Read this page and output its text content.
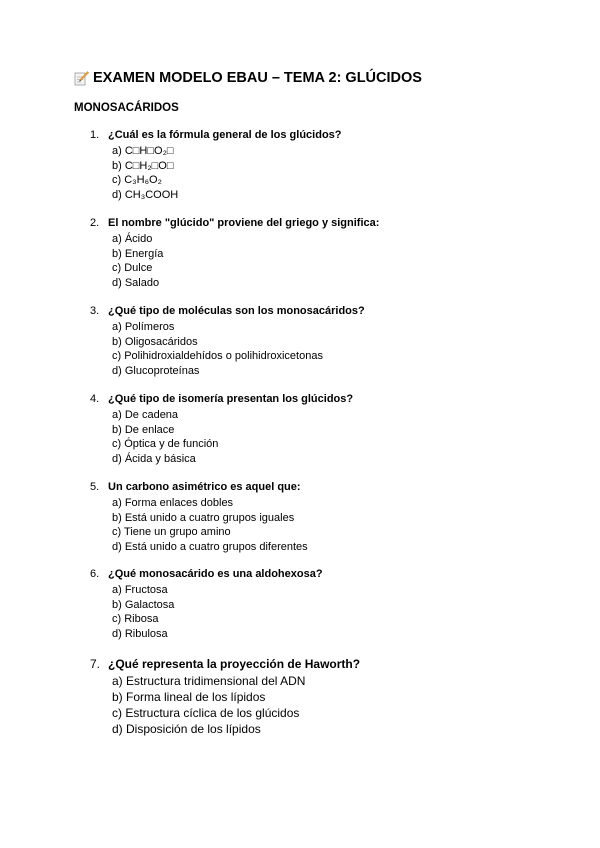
EXAMEN MODELO EBAU – TEMA 2: GLÚCIDOS
MONOSACÁRIDOS
1. ¿Cuál es la fórmula general de los glúcidos?
a) C□H□O₂□
b) C□H₂□O□
c) C₃H₆O₂
d) CH₃COOH
2. El nombre "glúcido" proviene del griego y significa:
a) Ácido
b) Energía
c) Dulce
d) Salado
3. ¿Qué tipo de moléculas son los monosacáridos?
a) Polímeros
b) Oligosacáridos
c) Polihidroxialdehídos o polihidroxicetonas
d) Glucoproteínas
4. ¿Qué tipo de isomería presentan los glúcidos?
a) De cadena
b) De enlace
c) Óptica y de función
d) Ácida y básica
5. Un carbono asimétrico es aquel que:
a) Forma enlaces dobles
b) Está unido a cuatro grupos iguales
c) Tiene un grupo amino
d) Está unido a cuatro grupos diferentes
6. ¿Qué monosacárido es una aldohexosa?
a) Fructosa
b) Galactosa
c) Ribosa
d) Ribulosa
7. ¿Qué representa la proyección de Haworth?
a) Estructura tridimensional del ADN
b) Forma lineal de los lípidos
c) Estructura cíclica de los glúcidos
d) Disposición de los lípidos
